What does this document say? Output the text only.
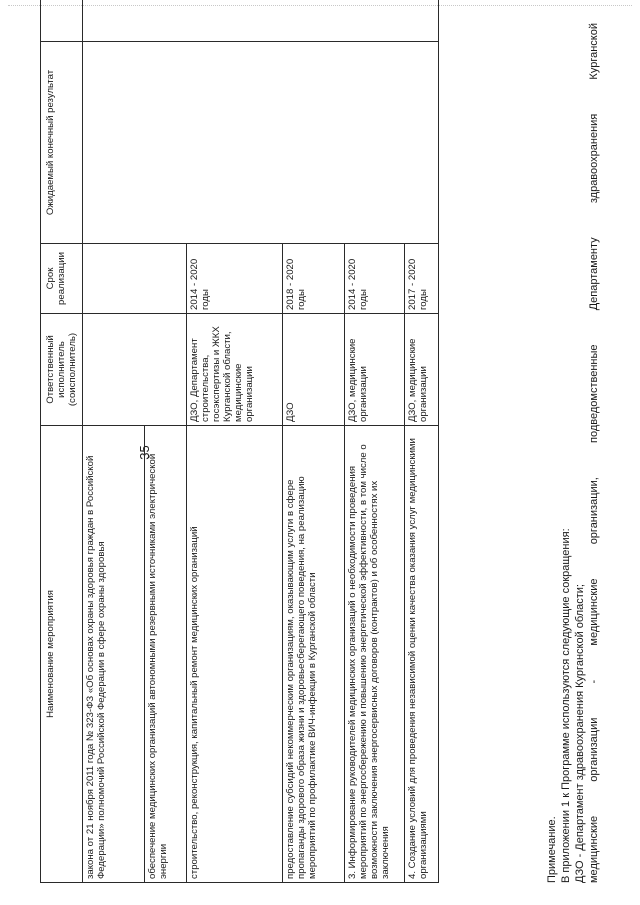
35
Наименование мероприятия	Ответственный исполнитель (соисполнитель)	Срок реализации	Ожидаемый конечный результат	
закона от 21 ноября 2011 года № 323-ФЗ «Об основах охраны здоровья граждан в Российской Федерации» полномочий Российской Федерации в сфере охраны здоровья				
обеспечение медицинских организаций автономными резервными источниками электрической энергии				
строительство, реконструкция, капитальный ремонт медицинских организаций	ДЗО, Департамент строительства, госэкспертизы и ЖКХ Курганской области, медицинские организации	2014 - 2020 годы		
предоставление субсидий некоммерческим организациям, оказывающим услуги в сфере пропаганды здорового образа жизни и здоровьесберегающего поведения, на реализацию мероприятий по профилактике ВИЧ-инфекции в Курганской области	ДЗО	2018 - 2020 годы		
3. Информирование руководителей медицинских организаций о необходимости проведения мероприятий по энергосбережению и повышению энергетической эффективности, в том числе о возможности заключения энергосервисных договоров (контрактов) и об особенностях их заключения	ДЗО, медицинские организации	2014 - 2020 годы		
4. Создание условий для проведения независимой оценки качества оказания услуг медицинскими организациями	ДЗО, медицинские организации	2017 - 2020 годы		
Примечание. В приложении 1 к Программе используются следующие сокращения: ДЗО - Департамент здравоохранения Курганской области; медицинские организации - медицинские организации, подведомственные Департаменту здравоохранения Курганской
